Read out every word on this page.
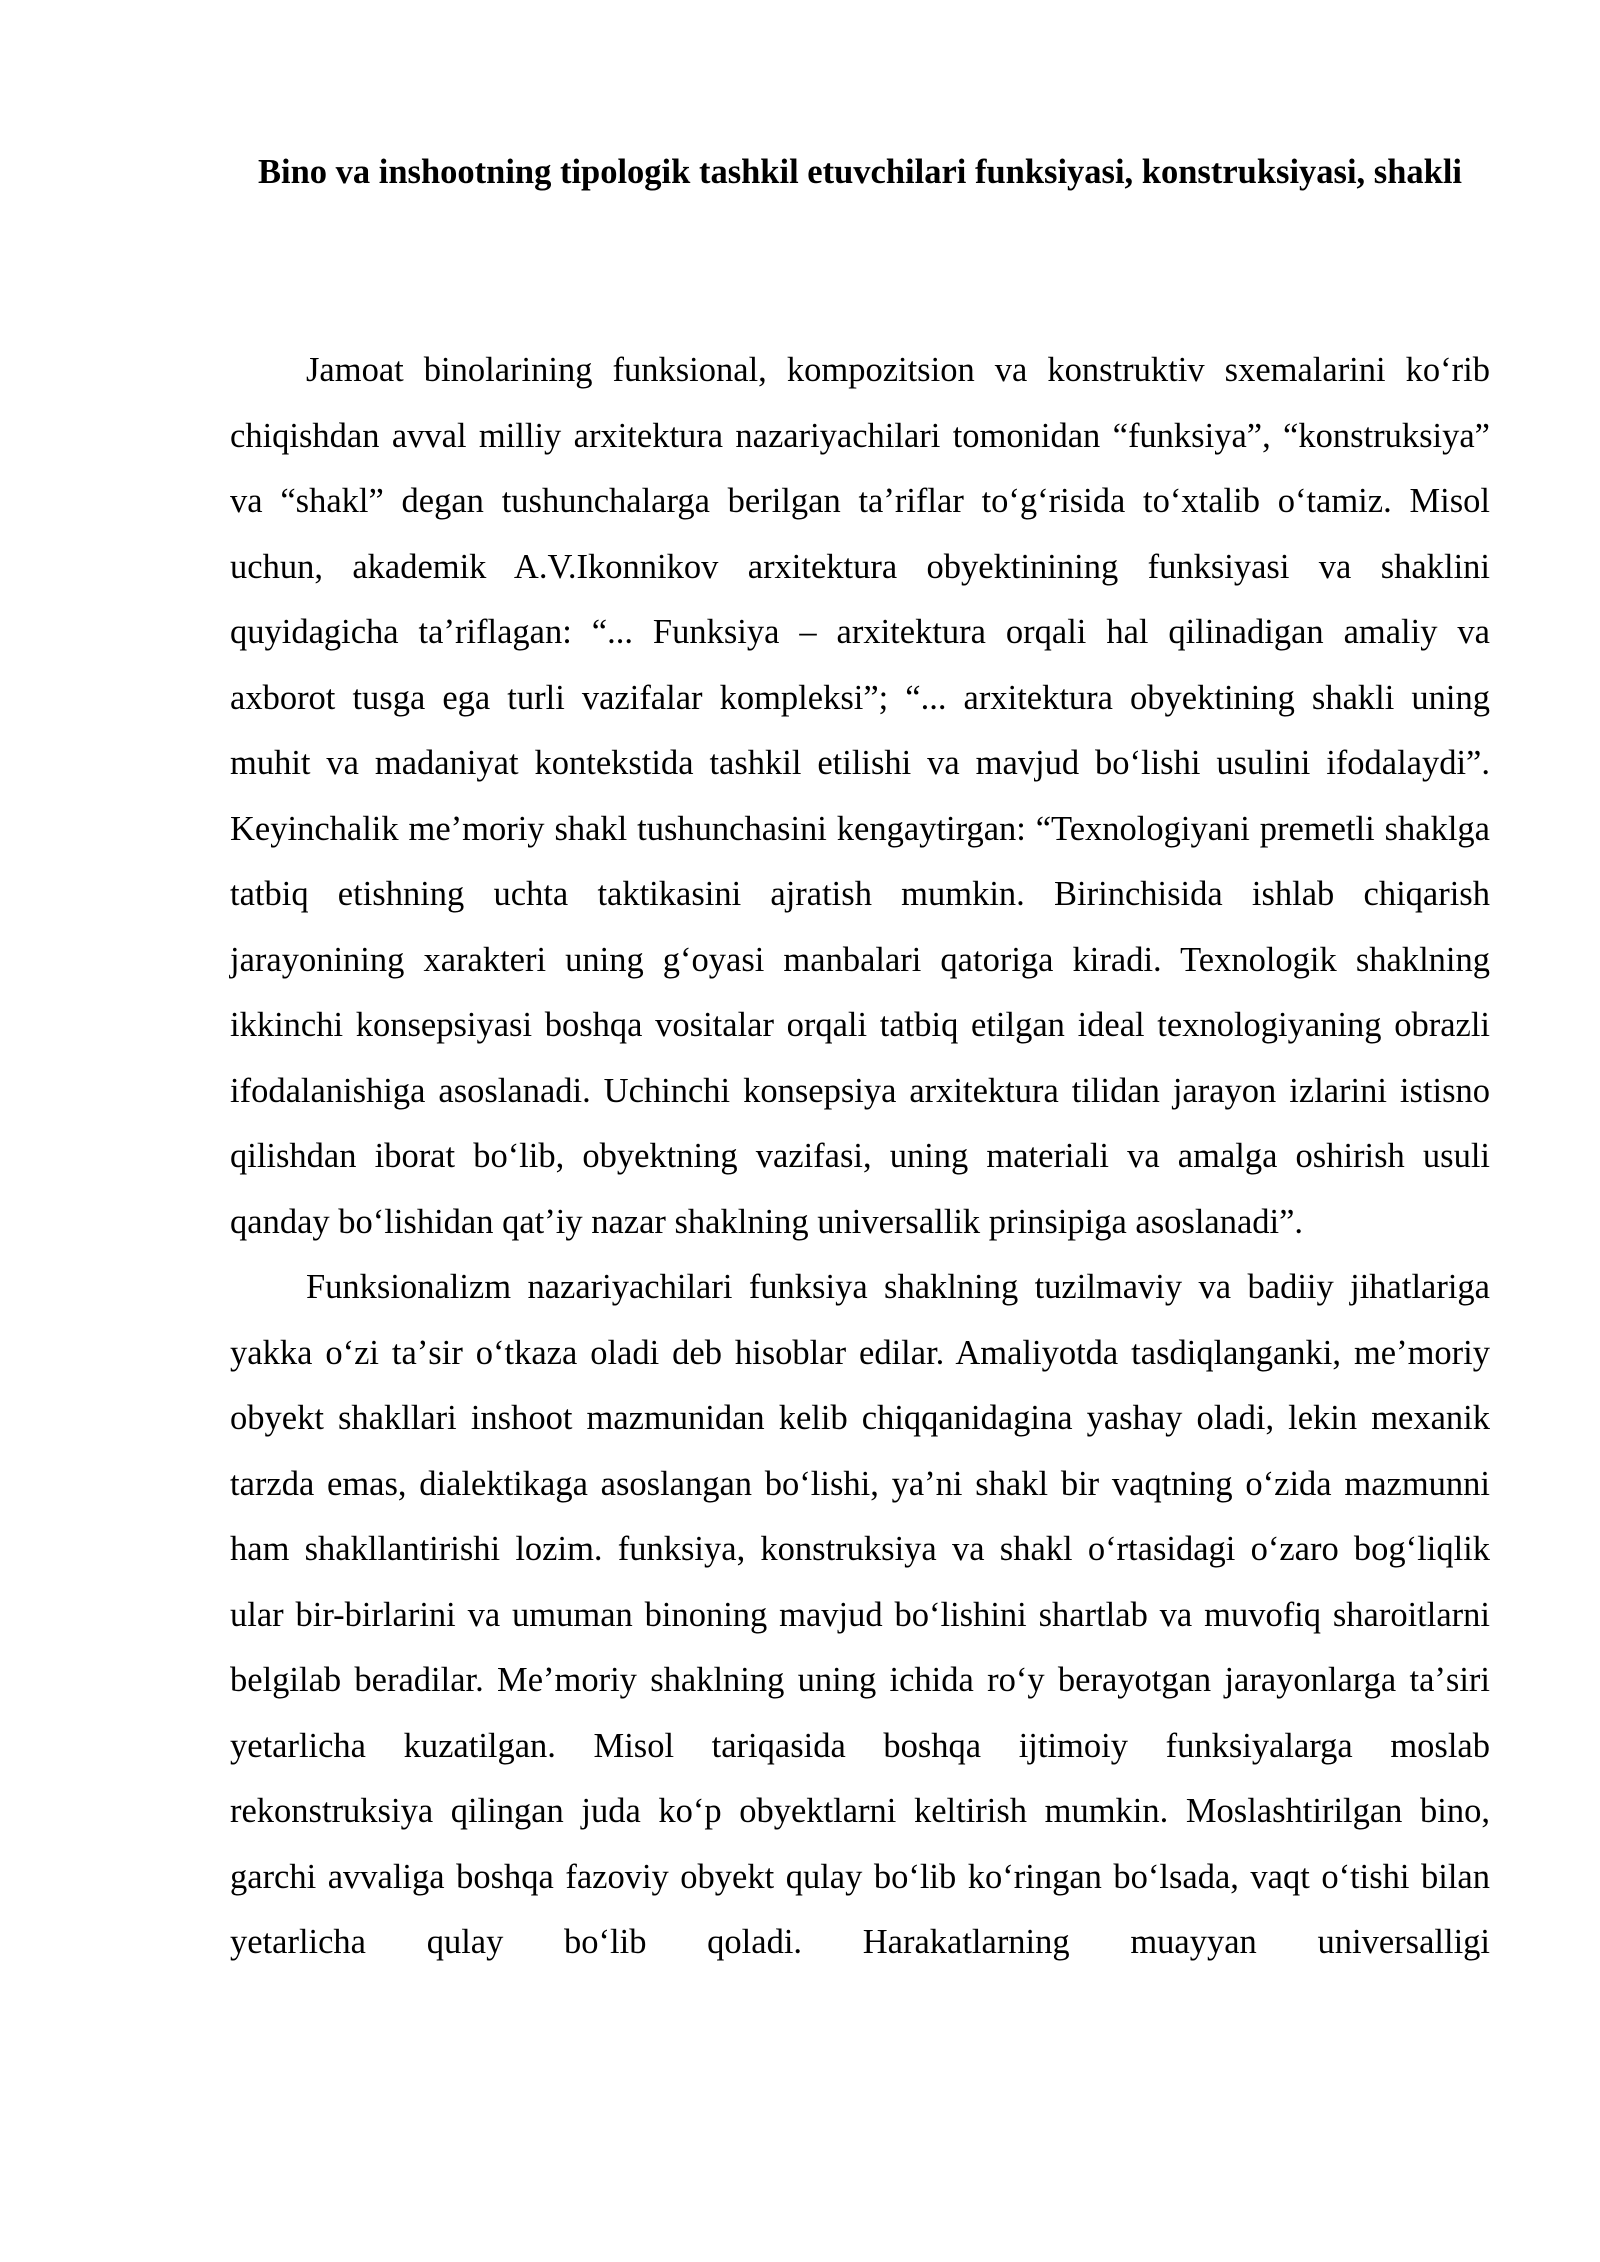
Bino va inshootning tipologik tashkil etuvchilari funksiyasi, konstruksiyasi, shakli

Jamoat binolarining funksional, kompozitsion va konstruktiv sxemalarini koʻrib chiqishdan avval milliy arxitektura nazariyachilari tomonidan “funksiya”, “konstruksiya” va “shakl” degan tushunchalarga berilgan taʼriflar toʻgʻrisida toʻxtalib oʻtamiz. Misol uchun, akademik A.V.Ikonnikov arxitektura obyektinining funksiyasi va shaklini quyidagicha taʼriflagan: “... Funksiya – arxitektura orqali hal qilinadigan amaliy va axborot tusga ega turli vazifalar kompleksi”; “... arxitektura obyektining shakli uning muhit va madaniyat kontekstida tashkil etilishi va mavjud boʻlishi usulini ifodalaydi”. Keyinchalik meʼmoriy shakl tushunchasini kengaytirgan: “Texnologiyani premetli shaklga tatbiq etishning uchta taktikasini ajratish mumkin. Birinchisida ishlab chiqarish jarayonining xarakteri uning gʻoyasi manbalari qatoriga kiradi. Texnologik shaklning ikkinchi konsepsiyasi boshqa vositalar orqali tatbiq etilgan ideal texnologiyaning obrazli ifodalanishiga asoslanadi. Uchinchi konsepsiya arxitektura tilidan jarayon izlarini istisno qilishdan iborat boʻlib, obyektning vazifasi, uning materiali va amalga oshirish usuli qanday boʻlishidan qatʼiy nazar shaklning universallik prinsipiga asoslanadi”.

Funksionalizm nazariyachilari funksiya shaklning tuzilmaviy va badiiy jihatlariga yakka oʻzi taʼsir oʻtkaza oladi deb hisoblar edilar. Amaliyotda tasdiqlanganki, meʼmoriy obyekt shakllari inshoot mazmunidan kelib chiqqanidagina yashay oladi, lekin mexanik tarzda emas, dialektikaga asoslangan boʻlishi, yaʼni shakl bir vaqtning oʻzida mazmunni ham shakllantirishi lozim. funksiya, konstruksiya va shakl oʻrtasidagi oʻzaro bogʻliqlik ular bir-birlarini va umuman binoning mavjud boʻlishini shartlab va muvofiq sharoitlarni belgilab beradilar. Meʼmoriy shaklning uning ichida roʻy berayotgan jarayonlarga taʼsiri yetarlicha kuzatilgan. Misol tariqasida boshqa ijtimoiy funksiyalarga moslab rekonstruksiya qilingan juda koʻp obyektlarni keltirish mumkin. Moslashtirilgan bino, garchi avvaliga boshqa fazoviy obyekt qulay boʻlib koʻringan boʻlsada, vaqt oʻtishi bilan yetarlicha qulay boʻlib qoladi. Harakatlarning muayyan universalligi
